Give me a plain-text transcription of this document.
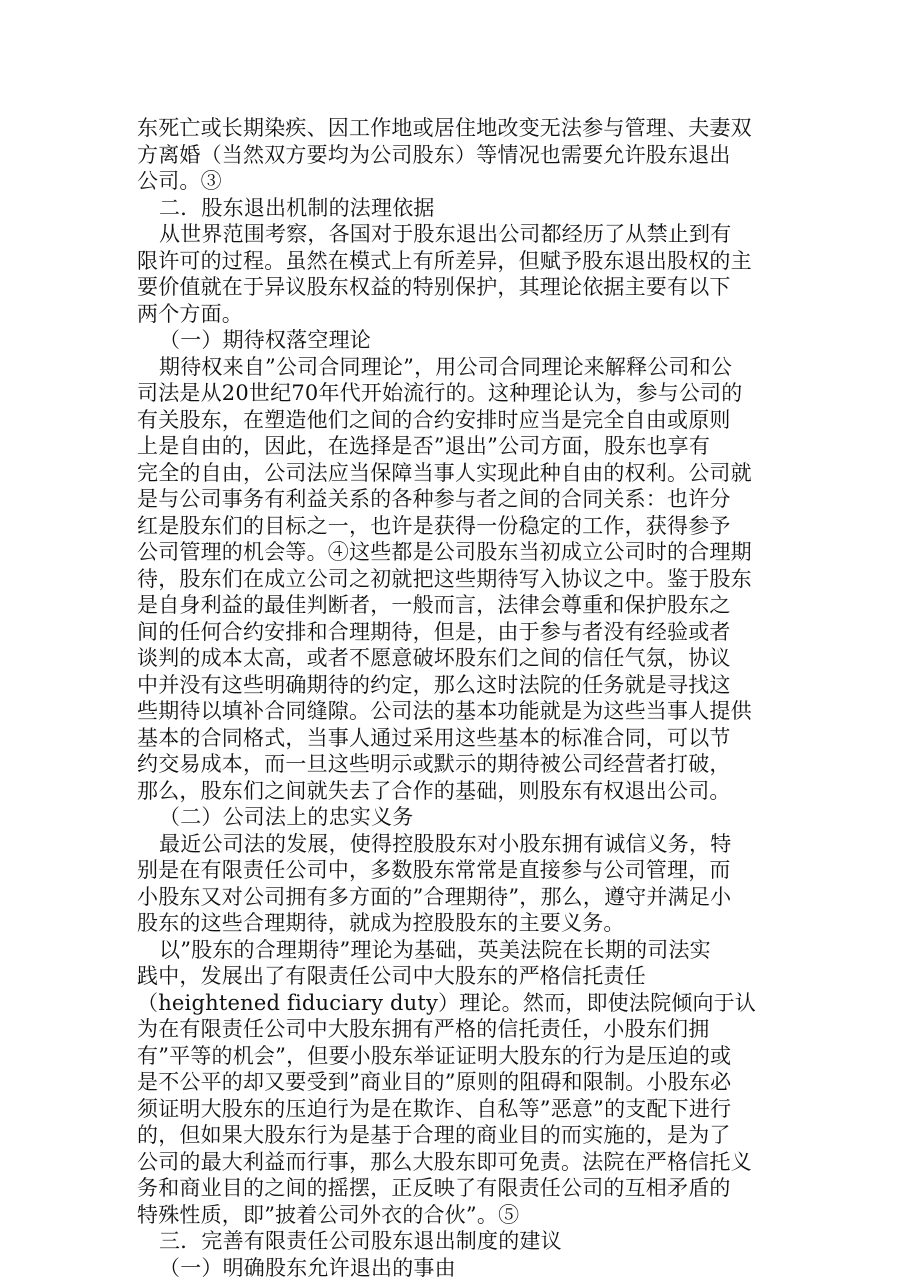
东死亡或长期染疾、因工作地或居住地改变无法参与管理、夫妻双
方离婚（当然双方要均为公司股东）等情况也需要允许股东退出
公司。③
二．股东退出机制的法理依据
从世界范围考察，各国对于股东退出公司都经历了从禁止到有
限许可的过程。虽然在模式上有所差异，但赋予股东退出股权的主
要价值就在于异议股东权益的特别保护，其理论依据主要有以下
两个方面。
（一）期待权落空理论
期待权来自”公司合同理论”，用公司合同理论来解释公司和公
司法是从20世纪70年代开始流行的。这种理论认为，参与公司的
有关股东，在塑造他们之间的合约安排时应当是完全自由或原则
上是自由的，因此，在选择是否”退出”公司方面，股东也享有
完全的自由，公司法应当保障当事人实现此种自由的权利。公司就
是与公司事务有利益关系的各种参与者之间的合同关系：也许分
红是股东们的目标之一，也许是获得一份稳定的工作，获得参予
公司管理的机会等。④这些都是公司股东当初成立公司时的合理期
待，股东们在成立公司之初就把这些期待写入协议之中。鉴于股东
是自身利益的最佳判断者，一般而言，法律会尊重和保护股东之
间的任何合约安排和合理期待，但是，由于参与者没有经验或者
谈判的成本太高，或者不愿意破坏股东们之间的信任气氛，协议
中并没有这些明确期待的约定，那么这时法院的任务就是寻找这
些期待以填补合同缝隙。公司法的基本功能就是为这些当事人提供
基本的合同格式，当事人通过采用这些基本的标准合同，可以节
约交易成本，而一旦这些明示或默示的期待被公司经营者打破，
那么，股东们之间就失去了合作的基础，则股东有权退出公司。
（二）公司法上的忠实义务
最近公司法的发展，使得控股股东对小股东拥有诚信义务，特
别是在有限责任公司中，多数股东常常是直接参与公司管理，而
小股东又对公司拥有多方面的”合理期待”，那么，遵守并满足小
股东的这些合理期待，就成为控股股东的主要义务。
以”股东的合理期待”理论为基础，英美法院在长期的司法实
践中，发展出了有限责任公司中大股东的严格信托责任
（heightened fiduciary duty）理论。然而，即使法院倾向于认
为在有限责任公司中大股东拥有严格的信托责任，小股东们拥
有”平等的机会”，但要小股东举证证明大股东的行为是压迫的或
是不公平的却又要受到”商业目的”原则的阻碍和限制。小股东必
须证明大股东的压迫行为是在欺诈、自私等”恶意”的支配下进行
的，但如果大股东行为是基于合理的商业目的而实施的，是为了
公司的最大利益而行事，那么大股东即可免责。法院在严格信托义
务和商业目的之间的摇摆，正反映了有限责任公司的互相矛盾的
特殊性质，即”披着公司外衣的合伙”。⑤
三．完善有限责任公司股东退出制度的建议
（一）明确股东允许退出的事由
